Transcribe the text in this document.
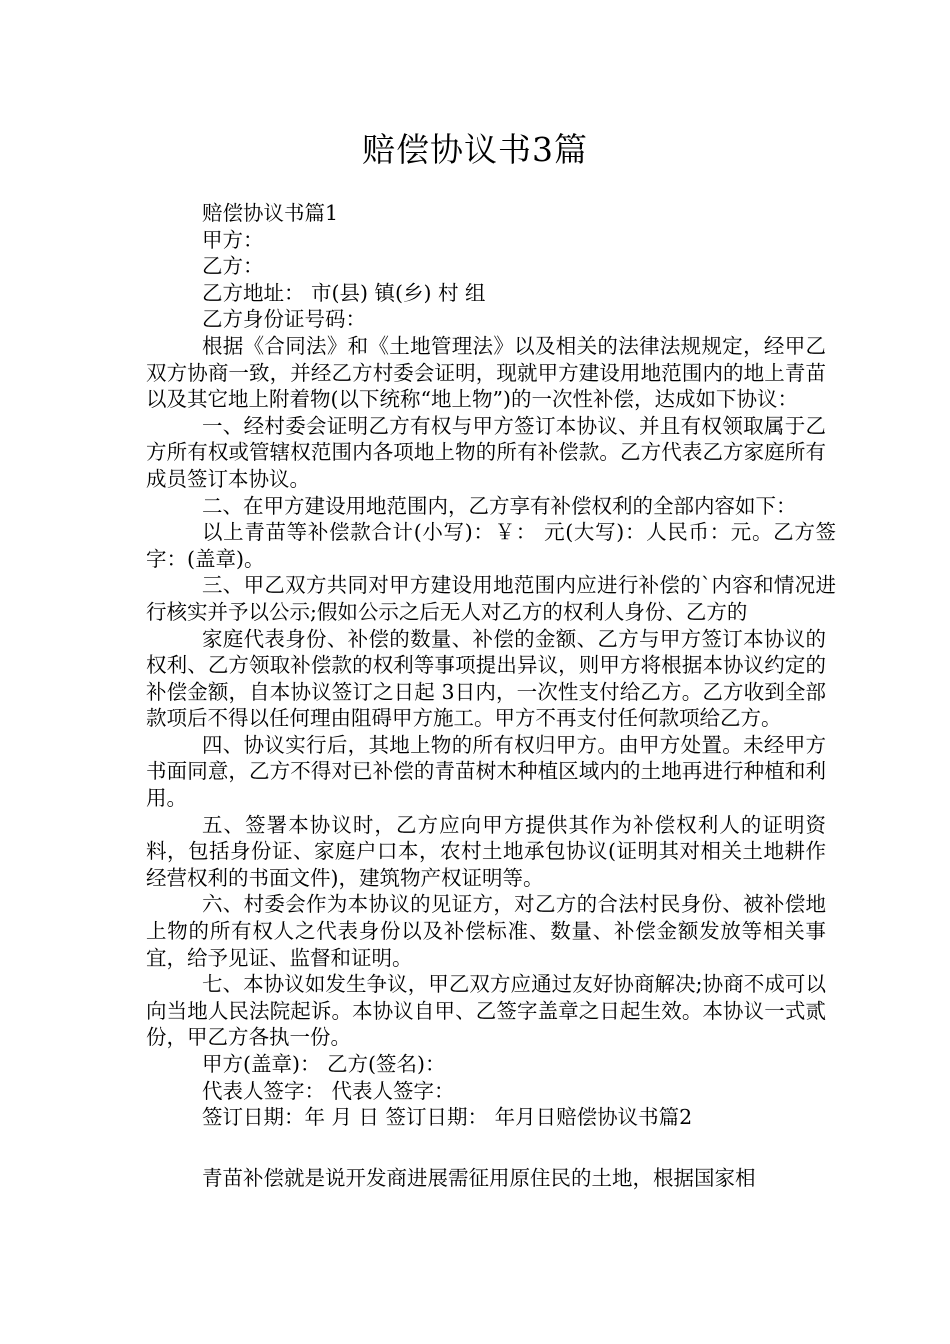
赔偿协议书3篇

赔偿协议书篇1

甲方：

乙方：

乙方地址： 市(县) 镇(乡) 村 组

乙方身份证号码：

根据《合同法》和《土地管理法》以及相关的法律法规规定，经甲乙双方协商一致，并经乙方村委会证明，现就甲方建设用地范围内的地上青苗以及其它地上附着物(以下统称“地上物”)的一次性补偿，达成如下协议：

一、经村委会证明乙方有权与甲方签订本协议、并且有权领取属于乙方所有权或管辖权范围内各项地上物的所有补偿款。乙方代表乙方家庭所有成员签订本协议。

二、在甲方建设用地范围内，乙方享有补偿权利的全部内容如下：

以上青苗等补偿款合计(小写)：￥： 元(大写)：人民币：元。乙方签字：(盖章)。

三、甲乙双方共同对甲方建设用地范围内应进行补偿的`内容和情况进行核实并予以公示;假如公示之后无人对乙方的权利人身份、乙方的

家庭代表身份、补偿的数量、补偿的金额、乙方与甲方签订本协议的权利、乙方领取补偿款的权利等事项提出异议，则甲方将根据本协议约定的补偿金额，自本协议签订之日起 3日内，一次性支付给乙方。乙方收到全部款项后不得以任何理由阻碍甲方施工。甲方不再支付任何款项给乙方。

四、协议实行后，其地上物的所有权归甲方。由甲方处置。未经甲方书面同意，乙方不得对已补偿的青苗树木种植区域内的土地再进行种植和利用。

五、签署本协议时，乙方应向甲方提供其作为补偿权利人的证明资料，包括身份证、家庭户口本，农村土地承包协议(证明其对相关土地耕作经营权利的书面文件)，建筑物产权证明等。

六、村委会作为本协议的见证方，对乙方的合法村民身份、被补偿地上物的所有权人之代表身份以及补偿标准、数量、补偿金额发放等相关事宜，给予见证、监督和证明。

七、本协议如发生争议，甲乙双方应通过友好协商解决;协商不成可以向当地人民法院起诉。本协议自甲、乙签字盖章之日起生效。本协议一式贰份，甲乙方各执一份。

甲方(盖章)： 乙方(签名)：

代表人签字： 代表人签字：

签订日期：年 月 日 签订日期： 年月日赔偿协议书篇2

青苗补偿就是说开发商进展需征用原住民的土地，根据国家相
